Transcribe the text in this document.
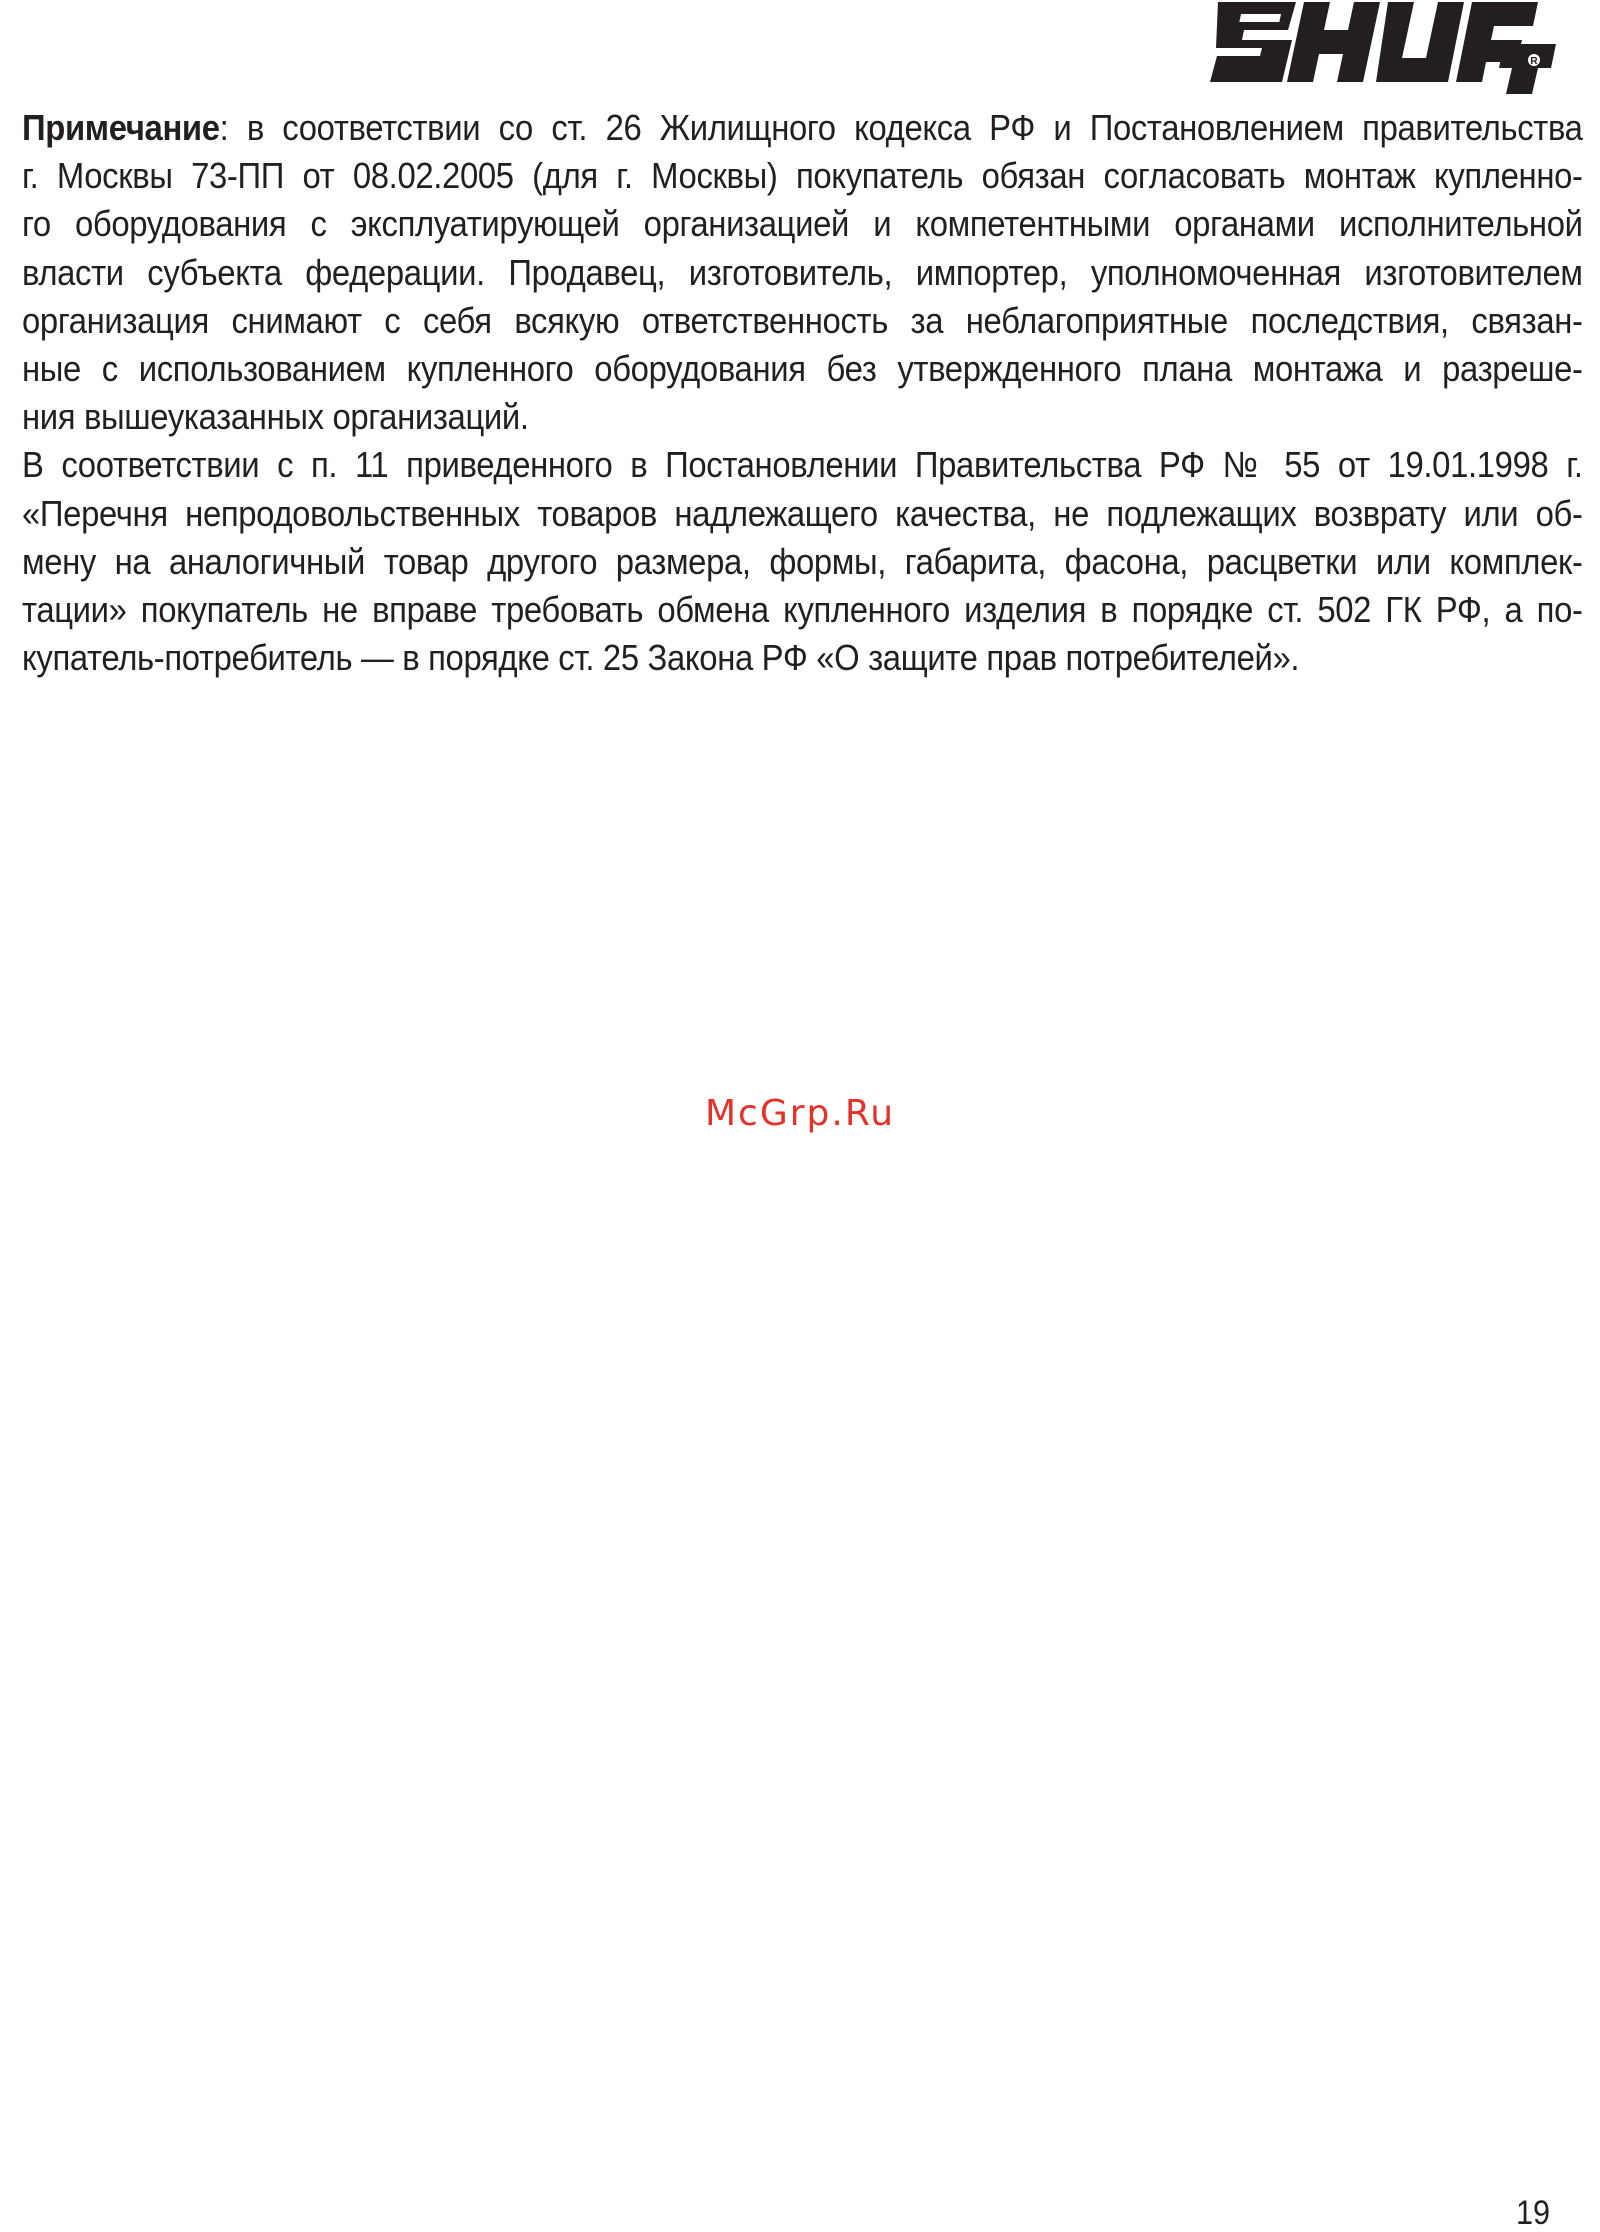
R
Примечание: в соответствии со ст. 26 Жилищного кодекса РФ и Постановлением правительства
г. Москвы 73-ПП от 08.02.2005 (для г. Москвы) покупатель обязан согласовать монтаж купленно-
го оборудования с эксплуатирующей организацией и компетентными органами исполнительной
власти субъекта федерации. Продавец, изготовитель, импортер, уполномоченная изготовителем
организация снимают с себя всякую ответственность за неблагоприятные последствия, связан-
ные с использованием купленного оборудования без утвержденного плана монтажа и разреше-
ния вышеуказанных организаций.
В соответствии с п. 11 приведенного в Постановлении Правительства РФ № 55 от 19.01.1998 г.
«Перечня непродовольственных товаров надлежащего качества, не подлежащих возврату или об-
мену на аналогичный товар другого размера, формы, габарита, фасона, расцветки или комплек-
тации» покупатель не вправе требовать обмена купленного изделия в порядке ст. 502 ГК РФ, а по-
купатель-потребитель — в порядке ст. 25 Закона РФ «О защите прав потребителей».
McGrp.Ru
19
